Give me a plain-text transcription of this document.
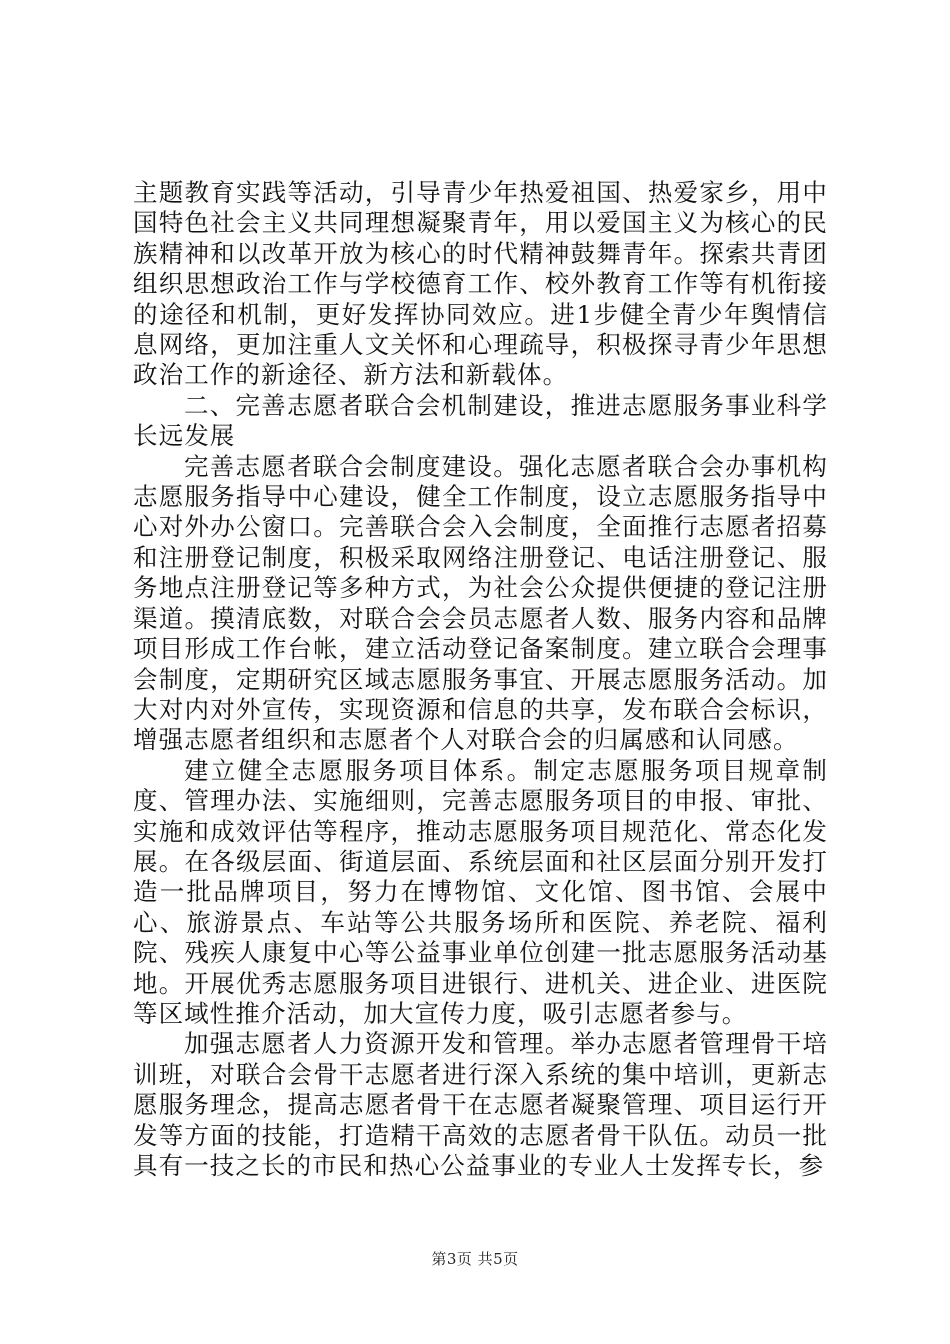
主题教育实践等活动，引导青少年热爱祖国、热爱家乡，用中国特色社会主义共同理想凝聚青年，用以爱国主义为核心的民族精神和以改革开放为核心的时代精神鼓舞青年。探索共青团组织思想政治工作与学校德育工作、校外教育工作等有机衔接的途径和机制，更好发挥协同效应。进1步健全青少年舆情信息网络，更加注重人文关怀和心理疏导，积极探寻青少年思想政治工作的新途径、新方法和新载体。

二、完善志愿者联合会机制建设，推进志愿服务事业科学长远发展

完善志愿者联合会制度建设。强化志愿者联合会办事机构志愿服务指导中心建设，健全工作制度，设立志愿服务指导中心对外办公窗口。完善联合会入会制度，全面推行志愿者招募和注册登记制度，积极采取网络注册登记、电话注册登记、服务地点注册登记等多种方式，为社会公众提供便捷的登记注册渠道。摸清底数，对联合会会员志愿者人数、服务内容和品牌项目形成工作台帐，建立活动登记备案制度。建立联合会理事会制度，定期研究区域志愿服务事宜、开展志愿服务活动。加大对内对外宣传，实现资源和信息的共享，发布联合会标识，增强志愿者组织和志愿者个人对联合会的归属感和认同感。

建立健全志愿服务项目体系。制定志愿服务项目规章制度、管理办法、实施细则，完善志愿服务项目的申报、审批、实施和成效评估等程序，推动志愿服务项目规范化、常态化发展。在各级层面、街道层面、系统层面和社区层面分别开发打造一批品牌项目，努力在博物馆、文化馆、图书馆、会展中心、旅游景点、车站等公共服务场所和医院、养老院、福利院、残疾人康复中心等公益事业单位创建一批志愿服务活动基地。开展优秀志愿服务项目进银行、进机关、进企业、进医院等区域性推介活动，加大宣传力度，吸引志愿者参与。

加强志愿者人力资源开发和管理。举办志愿者管理骨干培训班，对联合会骨干志愿者进行深入系统的集中培训，更新志愿服务理念，提高志愿者骨干在志愿者凝聚管理、项目运行开发等方面的技能，打造精干高效的志愿者骨干队伍。动员一批具有一技之长的市民和热心公益事业的专业人士发挥专长，参

第3页 共5页
